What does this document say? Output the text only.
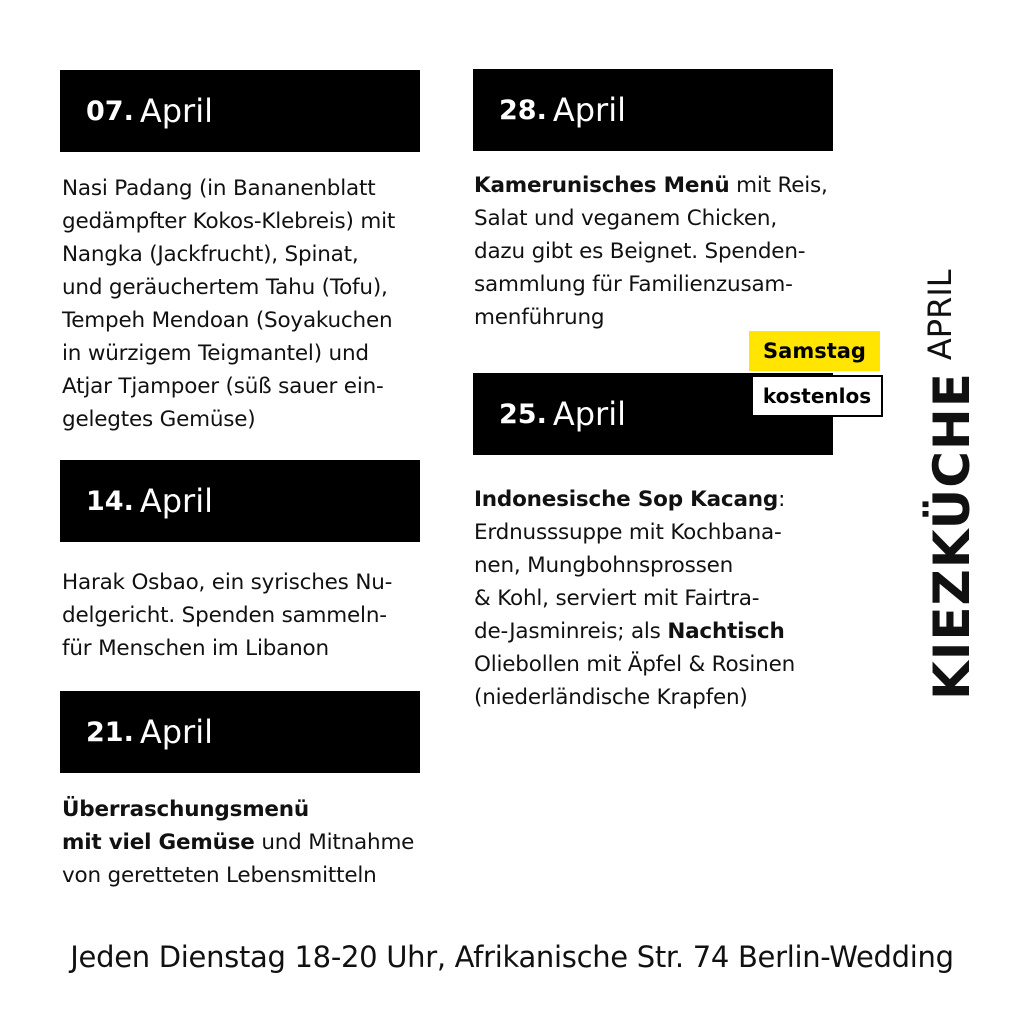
07. April
Nasi Padang (in Bananenblatt
gedämpfter Kokos-Klebreis) mit
Nangka (Jackfrucht), Spinat,
und geräuchertem Tahu (Tofu),
Tempeh Mendoan (Soyakuchen
in würzigem Teigmantel) und
Atjar Tjampoer (süß sauer ein-
gelegtes Gemüse)
14. April
Harak Osbao, ein syrisches Nu-
delgericht. Spenden sammeln-
für Menschen im Libanon
21. April
Überraschungsmenü
mit viel Gemüse und Mitnahme
von geretteten Lebensmitteln
28. April
Kamerunisches Menü mit Reis,
Salat und veganem Chicken,
dazu gibt es Beignet. Spenden-
sammlung für Familienzusam-
menführung
25. April
Samstag
kostenlos
Indonesische Sop Kacang:
Erdnusssuppe mit Kochbana-
nen, Mungbohnsprossen
& Kohl, serviert mit Fairtra-
de-Jasminreis; als Nachtisch
Oliebollen mit Äpfel & Rosinen
(niederländische Krapfen)	KIEZKÜCHE
APRIL
Jeden Dienstag 18-20 Uhr, Afrikanische Str. 74 Berlin-Wedding
